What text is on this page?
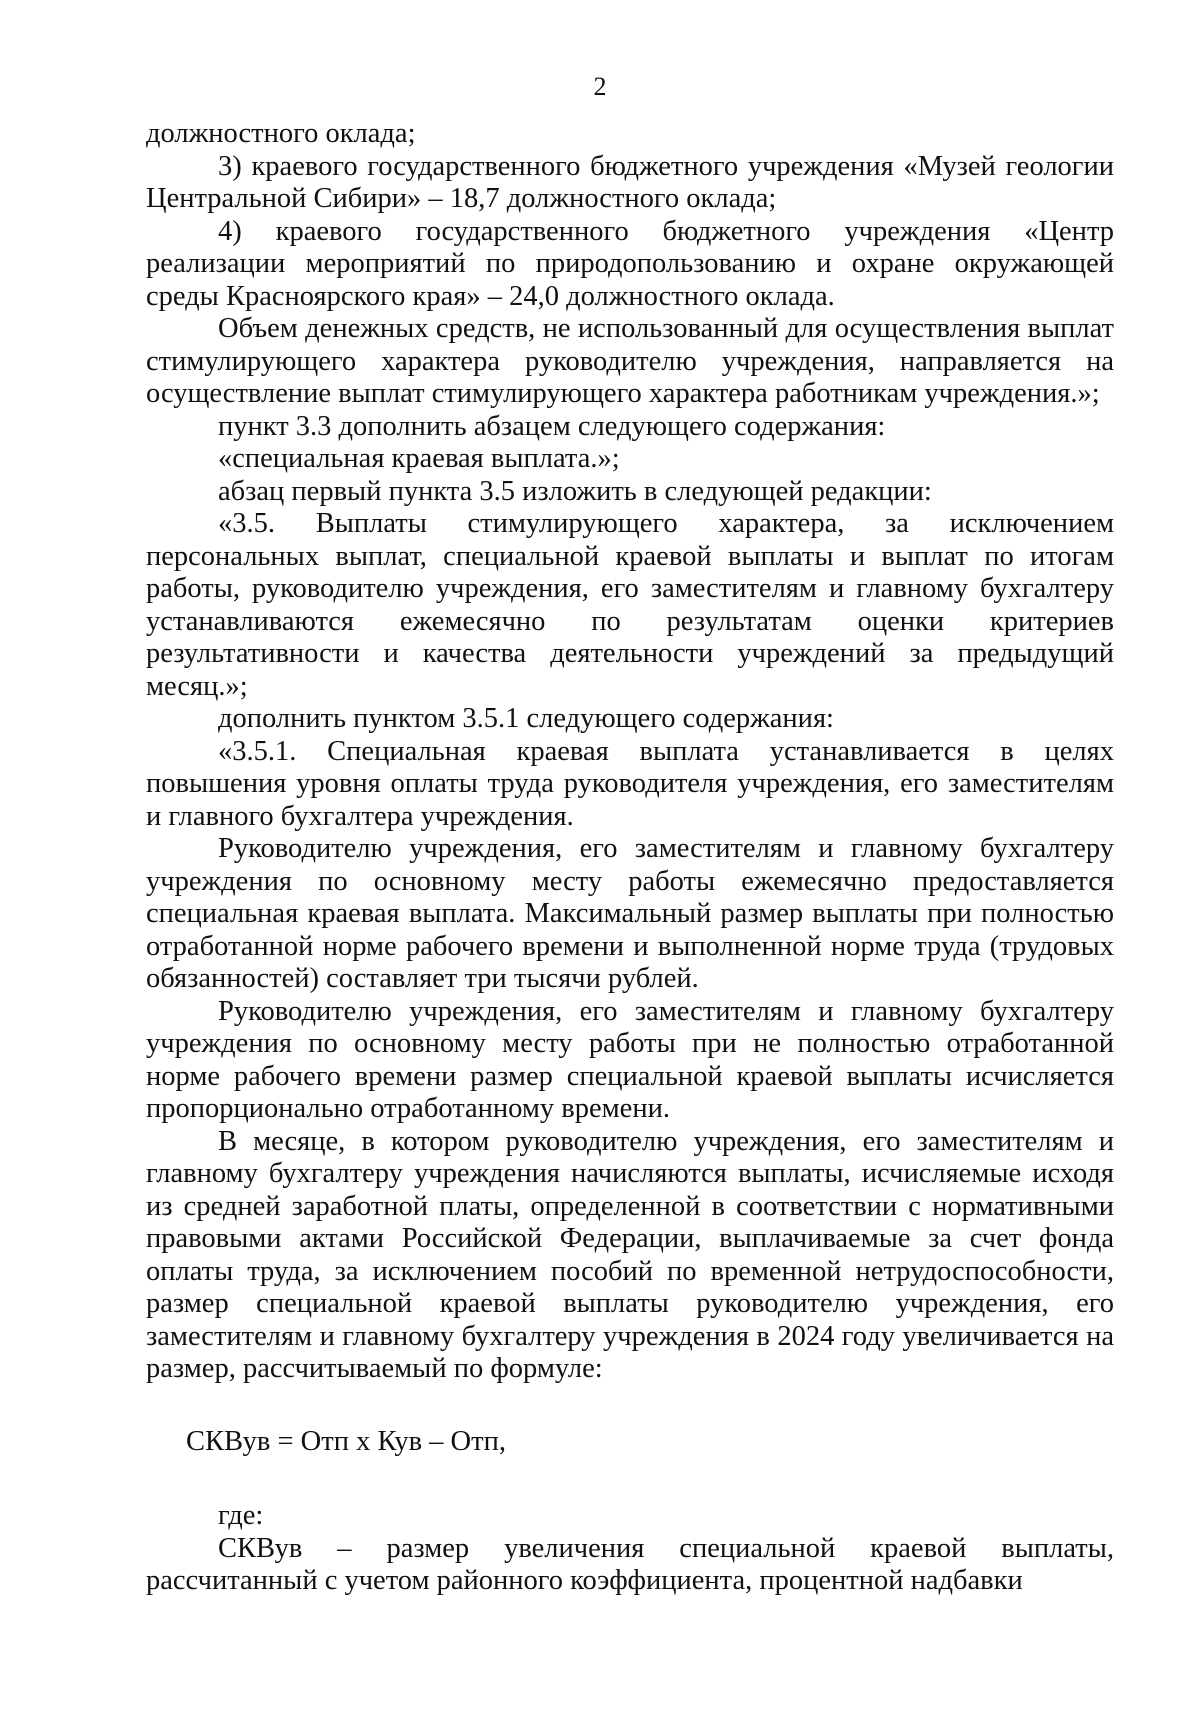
2

должностного оклада;

3) краевого государственного бюджетного учреждения «Музей геологии Центральной Сибири» – 18,7 должностного оклада;

4) краевого государственного бюджетного учреждения «Центр реализации мероприятий по природопользованию и охране окружающей среды Красноярского края» – 24,0 должностного оклада.

Объем денежных средств, не использованный для осуществления выплат стимулирующего характера руководителю учреждения, направляется на осуществление выплат стимулирующего характера работникам учреждения.»;

пункт 3.3 дополнить абзацем следующего содержания:

«специальная краевая выплата.»;

абзац первый пункта 3.5 изложить в следующей редакции:

«3.5. Выплаты стимулирующего характера, за исключением персональных выплат, специальной краевой выплаты и выплат по итогам работы, руководителю учреждения, его заместителям и главному бухгалтеру устанавливаются ежемесячно по результатам оценки критериев результативности и качества деятельности учреждений за предыдущий месяц.»;

дополнить пунктом 3.5.1 следующего содержания:

«3.5.1. Специальная краевая выплата устанавливается в целях повышения уровня оплаты труда руководителя учреждения, его заместителям и главного бухгалтера учреждения.

Руководителю учреждения, его заместителям и главному бухгалтеру учреждения по основному месту работы ежемесячно предоставляется специальная краевая выплата. Максимальный размер выплаты при полностью отработанной норме рабочего времени и выполненной норме труда (трудовых обязанностей) составляет три тысячи рублей.

Руководителю учреждения, его заместителям и главному бухгалтеру учреждения по основному месту работы при не полностью отработанной норме рабочего времени размер специальной краевой выплаты исчисляется пропорционально отработанному времени.

В месяце, в котором руководителю учреждения, его заместителям и главному бухгалтеру учреждения начисляются выплаты, исчисляемые исходя из средней заработной платы, определенной в соответствии с нормативными правовыми актами Российской Федерации, выплачиваемые за счет фонда оплаты труда, за исключением пособий по временной нетрудоспособности, размер специальной краевой выплаты руководителю учреждения, его заместителям и главному бухгалтеру учреждения в 2024 году увеличивается на размер, рассчитываемый по формуле:

СКВув = Отп х Кув – Отп,

где:

СКВув – размер увеличения специальной краевой выплаты, рассчитанный с учетом районного коэффициента, процентной надбавки
